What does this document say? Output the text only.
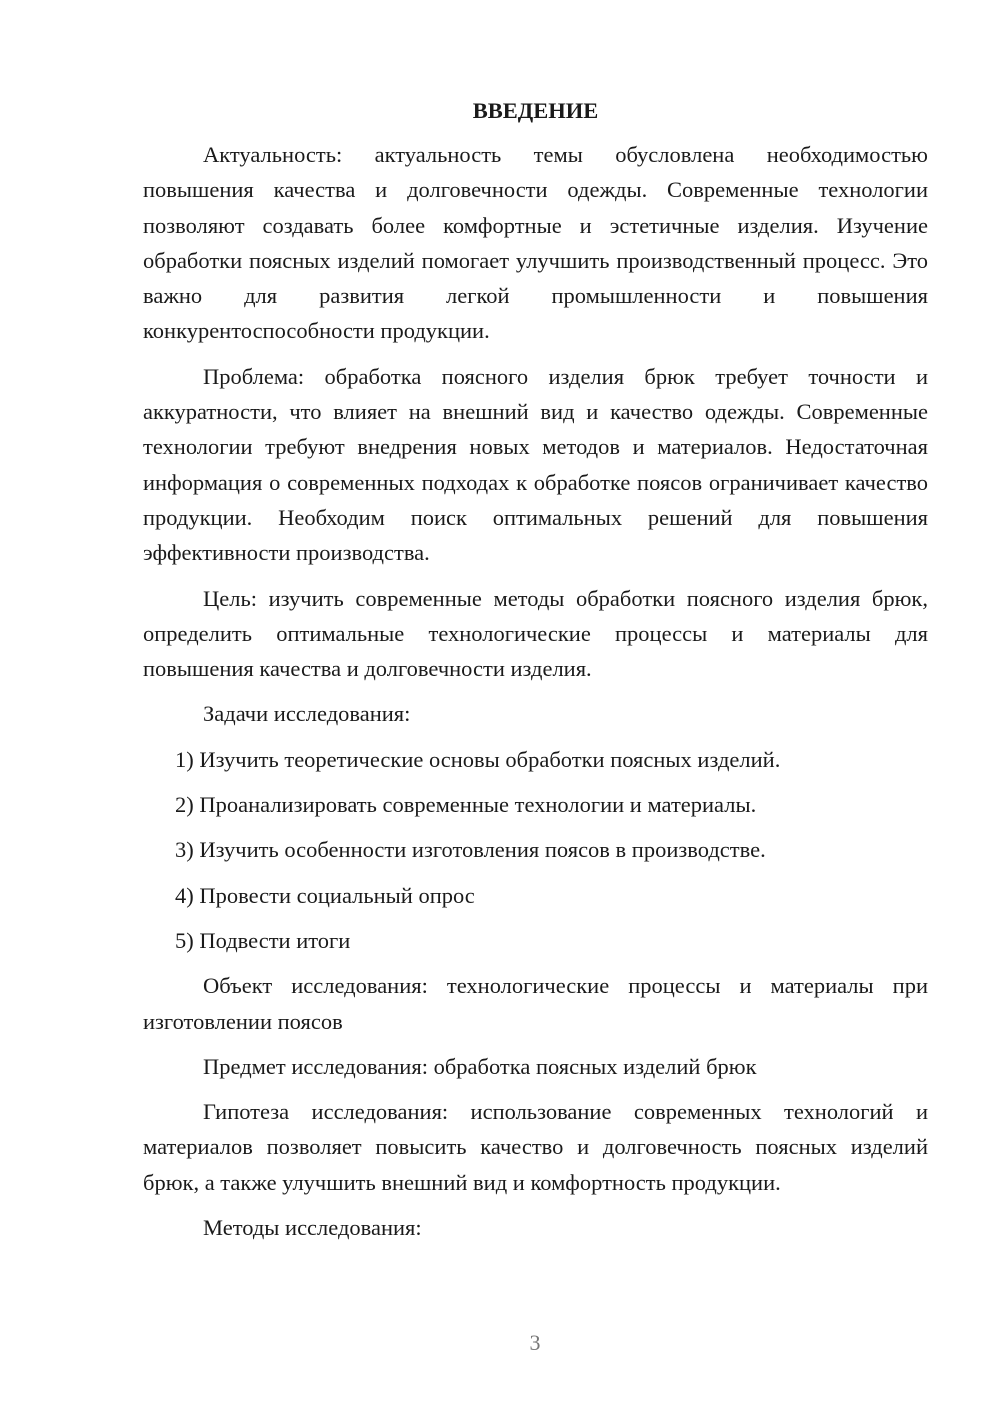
ВВЕДЕНИЕ

Актуальность: актуальность темы обусловлена необходимостью повышения качества и долговечности одежды. Современные технологии позволяют создавать более комфортные и эстетичные изделия. Изучение обработки поясных изделий помогает улучшить производственный процесс. Это важно для развития легкой промышленности и повышения конкурентоспособности продукции.

Проблема: обработка поясного изделия брюк требует точности и аккуратности, что влияет на внешний вид и качество одежды. Современные технологии требуют внедрения новых методов и материалов. Недостаточная информация о современных подходах к обработке поясов ограничивает качество продукции. Необходим поиск оптимальных решений для повышения эффективности производства.

Цель: изучить современные методы обработки поясного изделия брюк, определить оптимальные технологические процессы и материалы для повышения качества и долговечности изделия.

Задачи исследования:

1) Изучить теоретические основы обработки поясных изделий.

2) Проанализировать современные технологии и материалы.

3) Изучить особенности изготовления поясов в производстве.

4) Провести социальный опрос

5) Подвести итоги

Объект исследования: технологические процессы и материалы при изготовлении поясов

Предмет исследования: обработка поясных изделий брюк

Гипотеза исследования: использование современных технологий и материалов позволяет повысить качество и долговечность поясных изделий брюк, а также улучшить внешний вид и комфортность продукции.

Методы исследования:

3
